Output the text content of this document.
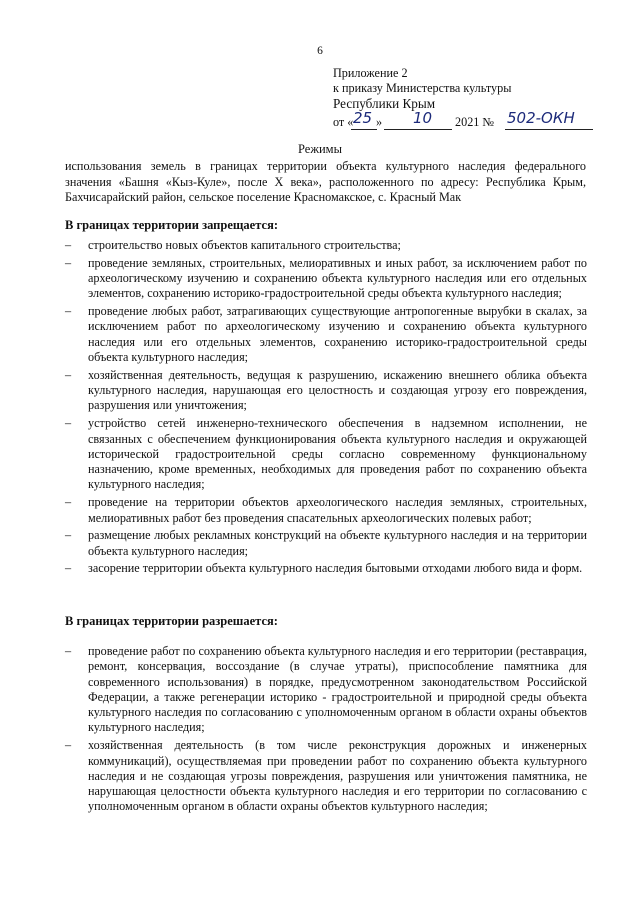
6
Приложение 2
к приказу Министерства культуры
Республики Крым
от « 25 » 10 2021 № 502-ОКН
Режимы
использования земель в границах территории объекта культурного наследия федерального
значения «Башня «Кыз-Куле», после X века», расположенного по адресу: Республика Крым,
Бахчисарайский район, сельское поселение Красномакское, с. Красный Мак
В границах территории запрещается:
– строительство новых объектов капитального строительства;
– проведение земляных, строительных, мелиоративных и иных работ, за исключением работ по археологическому изучению и сохранению объекта культурного наследия или его отдельных элементов, сохранению историко-градостроительной среды объекта культурного наследия;
– проведение любых работ, затрагивающих существующие антропогенные вырубки в скалах, за исключением работ по археологическому изучению и сохранению объекта культурного наследия или его отдельных элементов, сохранению историко-градостроительной среды объекта культурного наследия;
– хозяйственная деятельность, ведущая к разрушению, искажению внешнего облика объекта культурного наследия, нарушающая его целостность и создающая угрозу его повреждения, разрушения или уничтожения;
– устройство сетей инженерно-технического обеспечения в надземном исполнении, не связанных с обеспечением функционирования объекта культурного наследия и окружающей исторической градостроительной среды согласно современному функциональному назначению, кроме временных, необходимых для проведения работ по сохранению объекта культурного наследия;
– проведение на территории объектов археологического наследия земляных, строительных, мелиоративных работ без проведения спасательных археологических полевых работ;
– размещение любых рекламных конструкций на объекте культурного наследия и на территории объекта культурного наследия;
– засорение территории объекта культурного наследия бытовыми отходами любого вида и форм.
В границах территории разрешается:
– проведение работ по сохранению объекта культурного наследия и его территории (реставрация, ремонт, консервация, воссоздание (в случае утраты), приспособление памятника для современного использования) в порядке, предусмотренном законодательством Российской Федерации, а также регенерации историко - градостроительной и природной среды объекта культурного наследия по согласованию с уполномоченным органом в области охраны объектов культурного наследия;
– хозяйственная деятельность (в том числе реконструкция дорожных и инженерных коммуникаций), осуществляемая при проведении работ по сохранению объекта культурного наследия и не создающая угрозы повреждения, разрушения или уничтожения памятника, не нарушающая целостности объекта культурного наследия и его территории по согласованию с уполномоченным органом в области охраны объектов культурного наследия;
